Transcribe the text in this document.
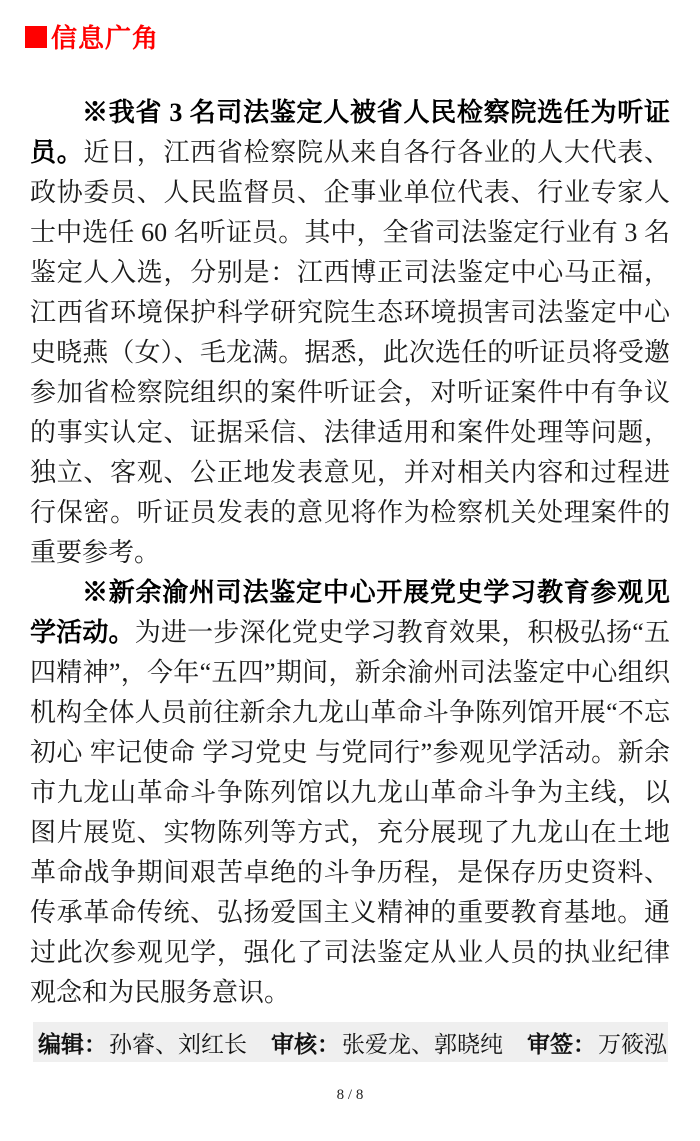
信息广角

※我省 3 名司法鉴定人被省人民检察院选任为听证员。近日，江西省检察院从来自各行各业的人大代表、政协委员、人民监督员、企事业单位代表、行业专家人士中选任 60 名听证员。其中，全省司法鉴定行业有 3 名鉴定人入选，分别是：江西博正司法鉴定中心马正福，江西省环境保护科学研究院生态环境损害司法鉴定中心史晓燕（女）、毛龙满。据悉，此次选任的听证员将受邀参加省检察院组织的案件听证会，对听证案件中有争议的事实认定、证据采信、法律适用和案件处理等问题，独立、客观、公正地发表意见，并对相关内容和过程进行保密。听证员发表的意见将作为检察机关处理案件的重要参考。

※新余渝州司法鉴定中心开展党史学习教育参观见学活动。为进一步深化党史学习教育效果，积极弘扬“五四精神”，今年“五四”期间，新余渝州司法鉴定中心组织机构全体人员前往新余九龙山革命斗争陈列馆开展“不忘初心 牢记使命 学习党史 与党同行”参观见学活动。新余市九龙山革命斗争陈列馆以九龙山革命斗争为主线，以图片展览、实物陈列等方式，充分展现了九龙山在土地革命战争期间艰苦卓绝的斗争历程，是保存历史资料、传承革命传统、弘扬爱国主义精神的重要教育基地。通过此次参观见学，强化了司法鉴定从业人员的执业纪律观念和为民服务意识。

编辑： 孙睿、刘红长 审核： 张爱龙、郭晓纯 审签： 万筱泓
8 / 8
